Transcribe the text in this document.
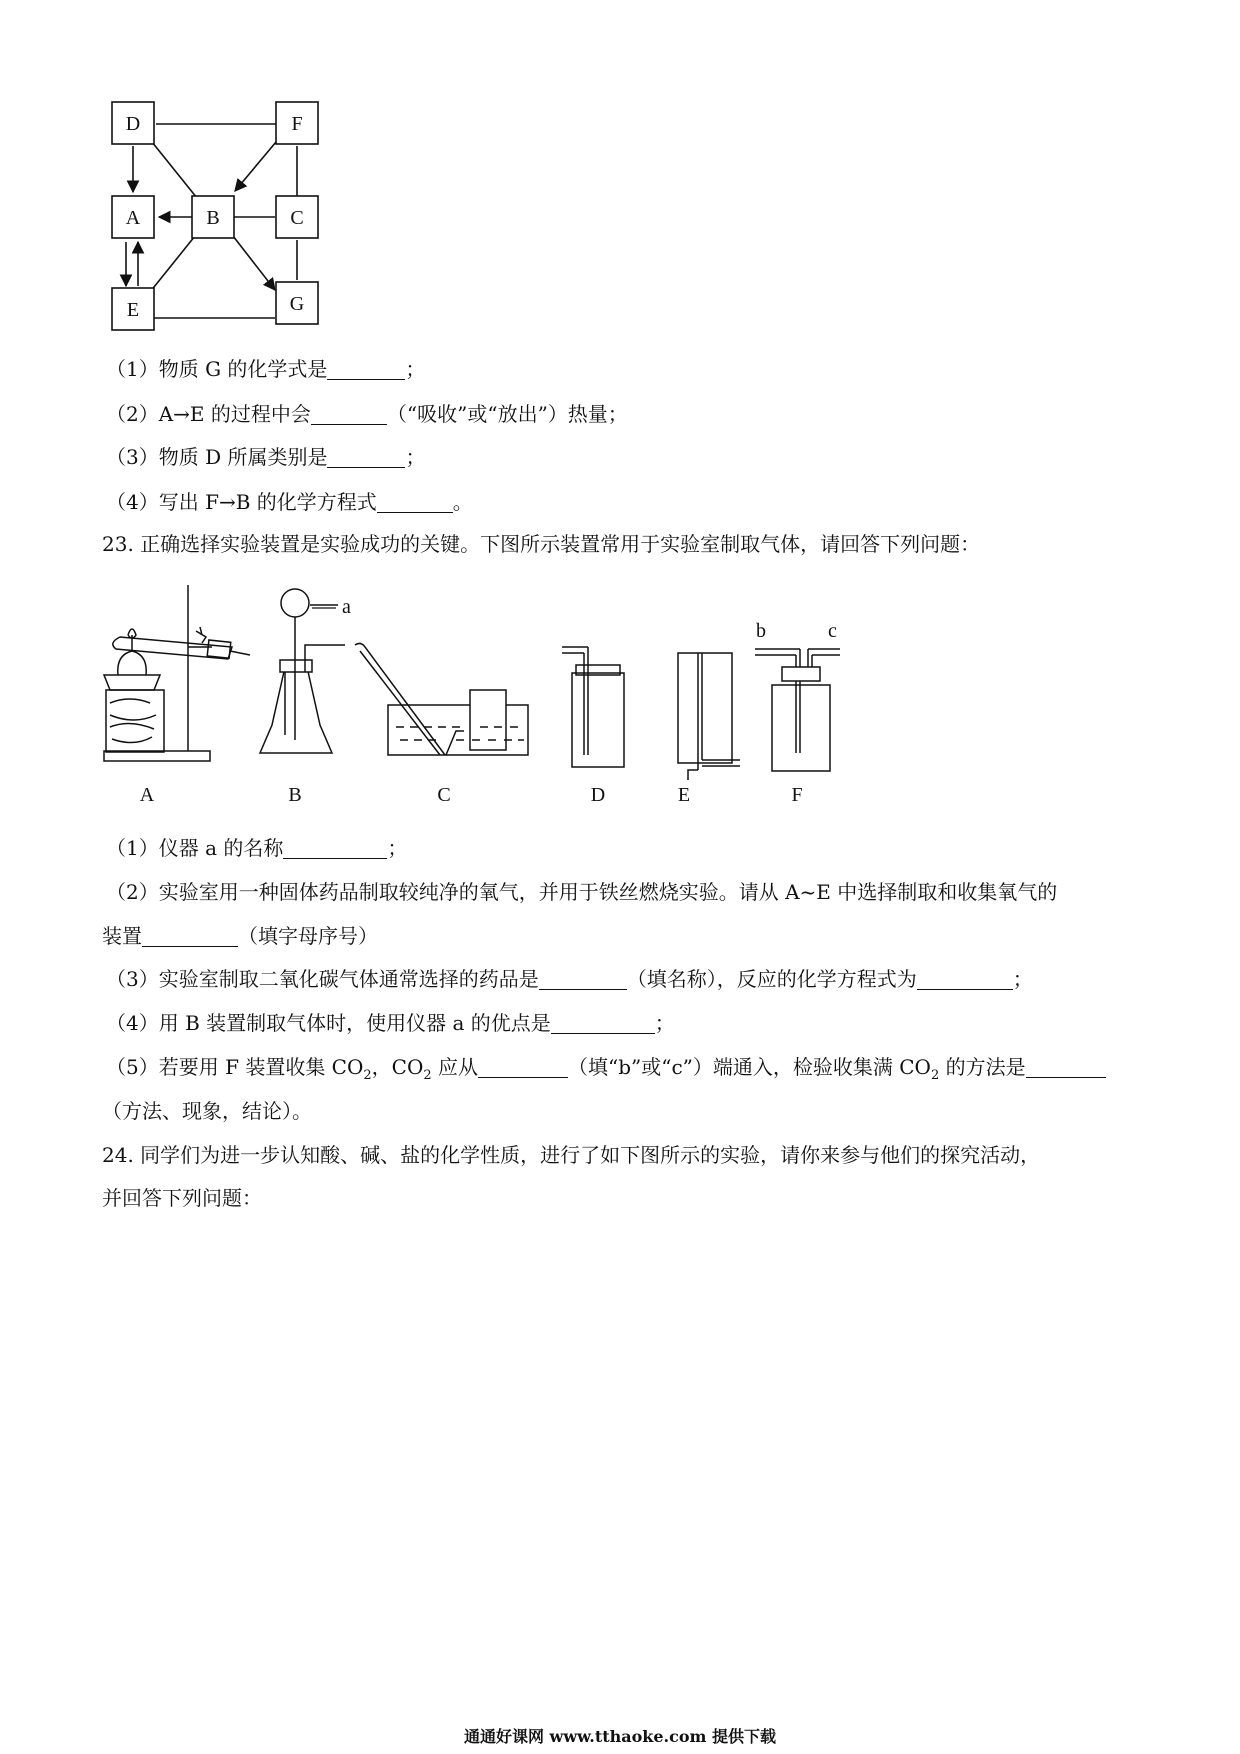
D	F
A	B	C
E	G
（1）物质 G 的化学式是	；
（2）A→E 的过程中会	（“吸收”或“放出”）热量；
（3）物质 D 所属类别是	；
（4）写出 F→B 的化学方程式	。
23. 正确选择实验装置是实验成功的关键。下图所示装置常用于实验室制取气体，请回答下列问题：
a
b	c
A	B	C	D	E	F
（1）仪器 a 的名称	；
（2）实验室用一种固体药品制取较纯净的氧气，并用于铁丝燃烧实验。请从 A~E 中选择制取和收集氧气的
装置	（填字母序号）
（3）实验室制取二氧化碳气体通常选择的药品是	（填名称），反应的化学方程式为	；
（4）用 B 装置制取气体时，使用仪器 a 的优点是	；
（5）若要用 F 装置收集 $CO_2$，$CO_2$ 应从	（填“b”或“c”）端通入，检验收集满 $CO_2$ 的方法是
（方法、现象，结论）。
24. 同学们为进一步认知酸、碱、盐的化学性质，进行了如下图所示的实验，请你来参与他们的探究活动，
并回答下列问题：
通通好课网 www.tthaoke.com 提供下载
